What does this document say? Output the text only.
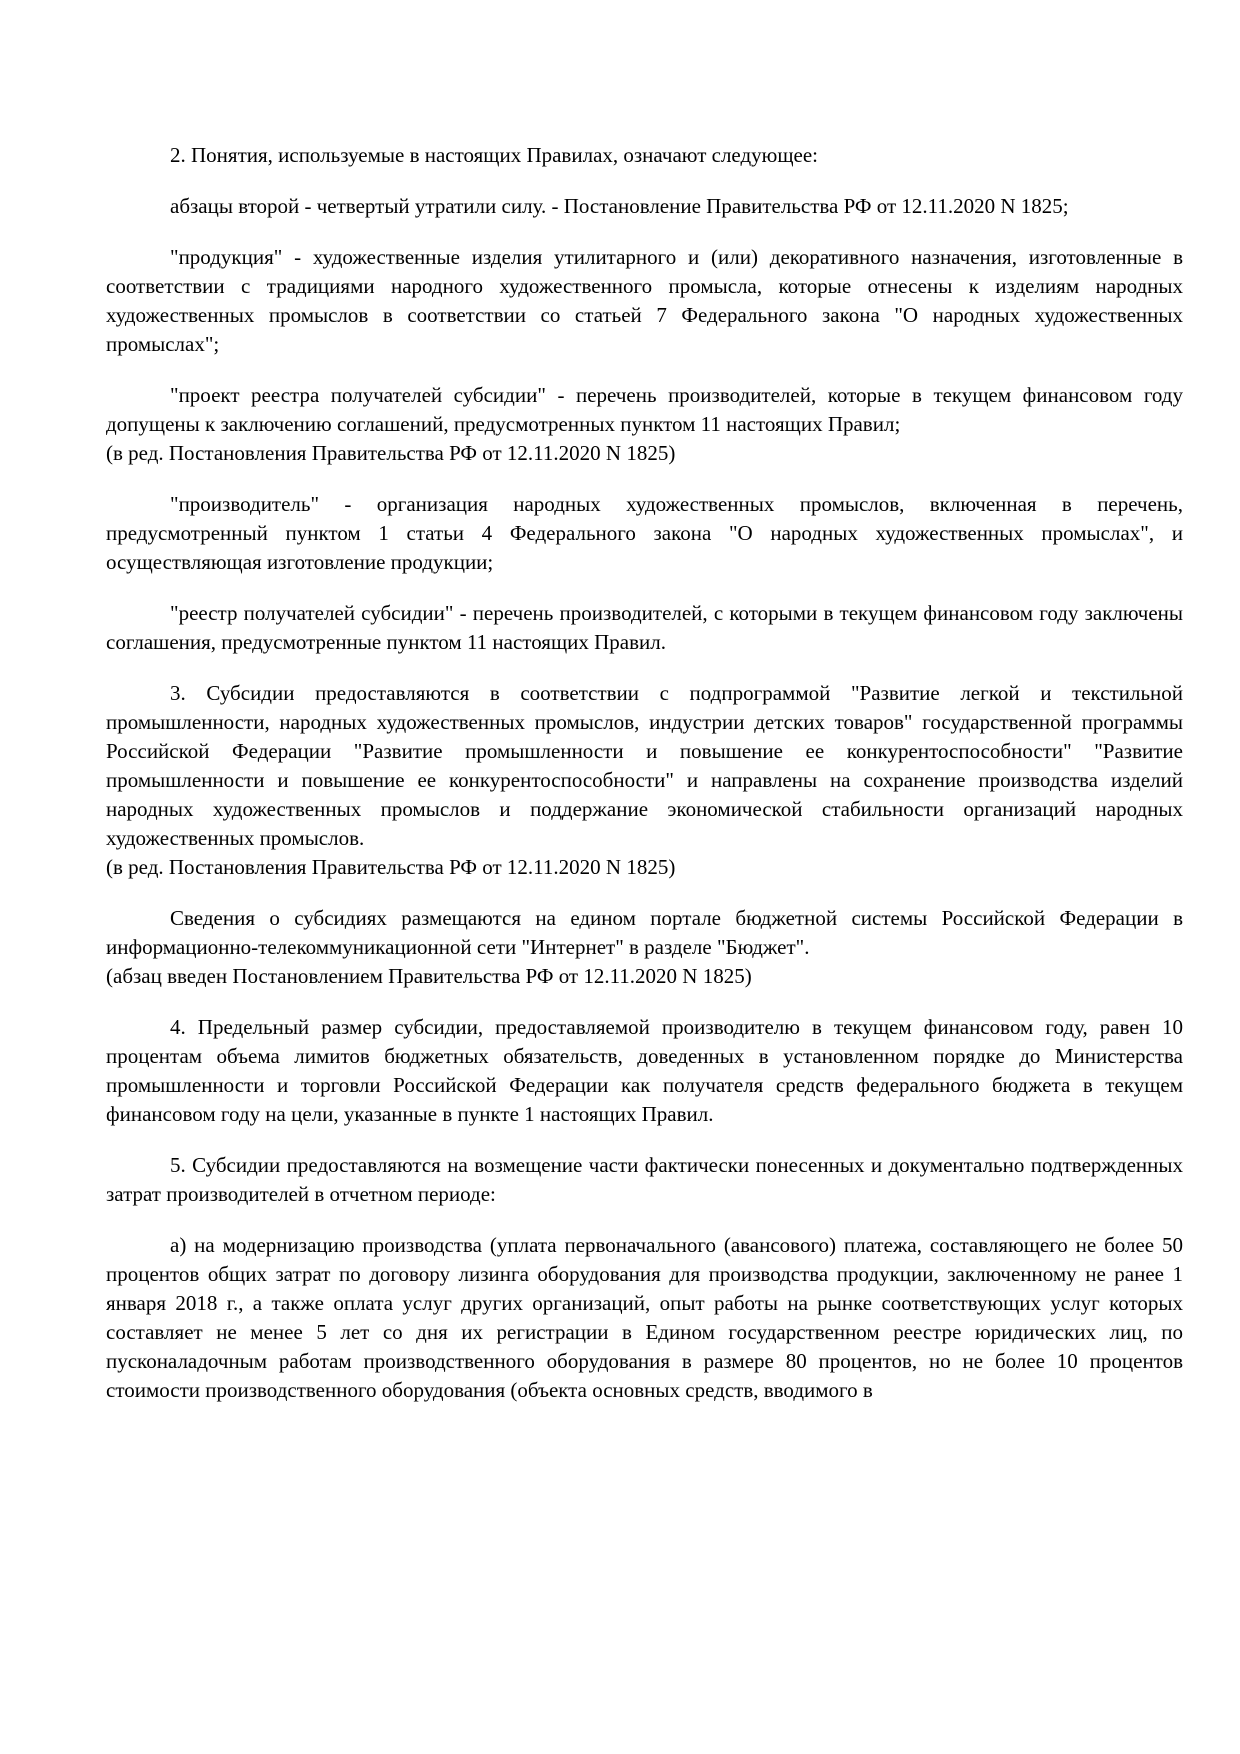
2. Понятия, используемые в настоящих Правилах, означают следующее:

абзацы второй - четвертый утратили силу. - Постановление Правительства РФ от 12.11.2020 N 1825;

"продукция" - художественные изделия утилитарного и (или) декоративного назначения, изготовленные в соответствии с традициями народного художественного промысла, которые отнесены к изделиям народных художественных промыслов в соответствии со статьей 7 Федерального закона "О народных художественных промыслах";

"проект реестра получателей субсидии" - перечень производителей, которые в текущем финансовом году допущены к заключению соглашений, предусмотренных пунктом 11 настоящих Правил;

(в ред. Постановления Правительства РФ от 12.11.2020 N 1825)

"производитель" - организация народных художественных промыслов, включенная в перечень, предусмотренный пунктом 1 статьи 4 Федерального закона "О народных художественных промыслах", и осуществляющая изготовление продукции;

"реестр получателей субсидии" - перечень производителей, с которыми в текущем финансовом году заключены соглашения, предусмотренные пунктом 11 настоящих Правил.

3. Субсидии предоставляются в соответствии с подпрограммой "Развитие легкой и текстильной промышленности, народных художественных промыслов, индустрии детских товаров" государственной программы Российской Федерации "Развитие промышленности и повышение ее конкурентоспособности" "Развитие промышленности и повышение ее конкурентоспособности" и направлены на сохранение производства изделий народных художественных промыслов и поддержание экономической стабильности организаций народных художественных промыслов.

(в ред. Постановления Правительства РФ от 12.11.2020 N 1825)

Сведения о субсидиях размещаются на едином портале бюджетной системы Российской Федерации в информационно-телекоммуникационной сети "Интернет" в разделе "Бюджет".

(абзац введен Постановлением Правительства РФ от 12.11.2020 N 1825)

4. Предельный размер субсидии, предоставляемой производителю в текущем финансовом году, равен 10 процентам объема лимитов бюджетных обязательств, доведенных в установленном порядке до Министерства промышленности и торговли Российской Федерации как получателя средств федерального бюджета в текущем финансовом году на цели, указанные в пункте 1 настоящих Правил.

5. Субсидии предоставляются на возмещение части фактически понесенных и документально подтвержденных затрат производителей в отчетном периоде:

а) на модернизацию производства (уплата первоначального (авансового) платежа, составляющего не более 50 процентов общих затрат по договору лизинга оборудования для производства продукции, заключенному не ранее 1 января 2018 г., а также оплата услуг других организаций, опыт работы на рынке соответствующих услуг которых составляет не менее 5 лет со дня их регистрации в Едином государственном реестре юридических лиц, по пусконаладочным работам производственного оборудования в размере 80 процентов, но не более 10 процентов стоимости производственного оборудования (объекта основных средств, вводимого в
